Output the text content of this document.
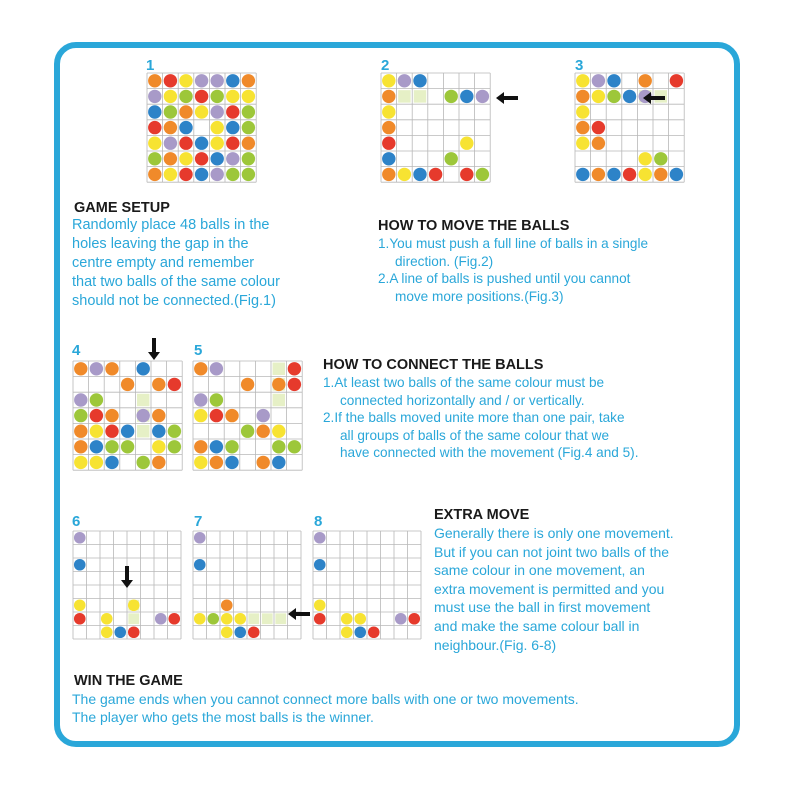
1	2	3
4	5
6	7	8
GAME SETUP
Randomly place 48 balls in the
holes leaving the gap in the
centre empty and remember
that two balls of the same colour
should not be connected.(Fig.1)
HOW TO MOVE THE BALLS
1.You must push a full line of balls in a single
direction. (Fig.2)
2.A line of balls is pushed until you cannot
move more positions.(Fig.3)
HOW TO CONNECT THE BALLS
1.At least two balls of the same colour must be
connected horizontally and / or vertically.
2.If the balls moved unite more than one pair, take
all groups of balls of the same colour that we
have connected with the movement (Fig.4 and 5).
EXTRA MOVE
Generally there is only one movement.
But if you can not joint two balls of the
same colour in one movement, an
extra movement is permitted and you
must use the ball in first movement
and make the same colour ball in
neighbour.(Fig. 6-8)
WIN THE GAME
The game ends when you cannot connect more balls with one or two movements.
The player who gets the most balls is the winner.
